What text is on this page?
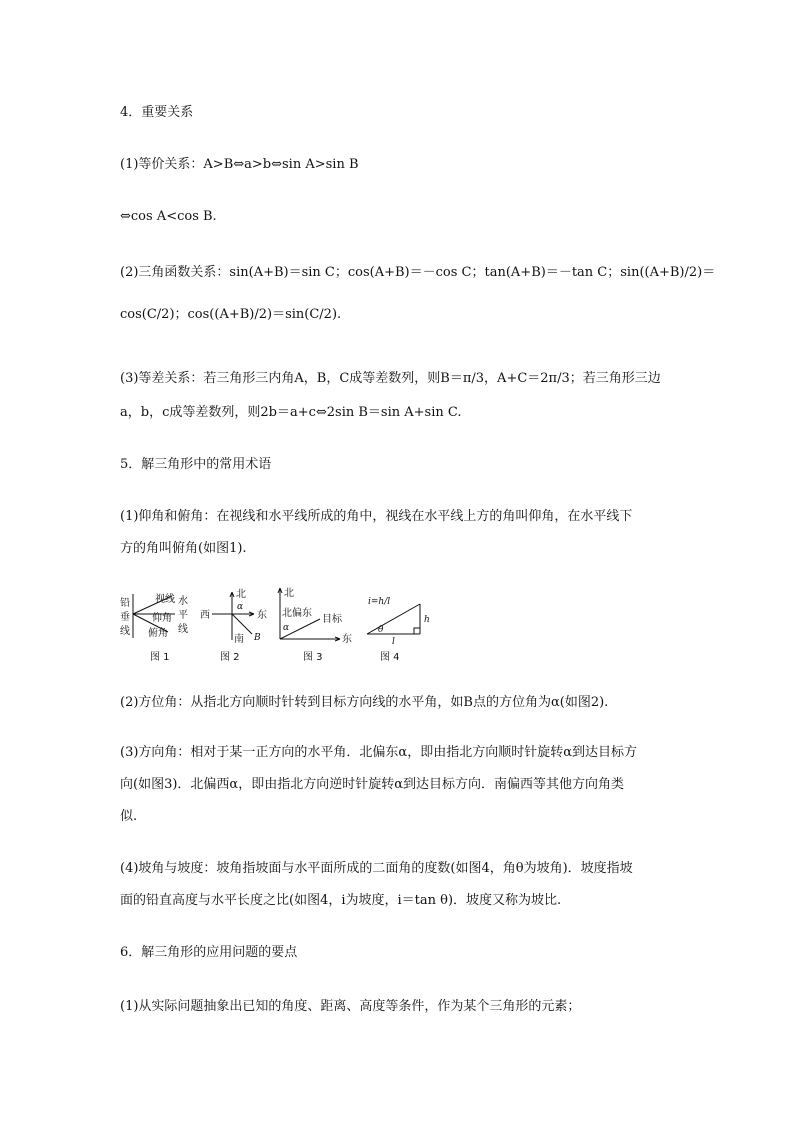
4．重要关系
(1)等价关系：A>B⇔a>b⇔sin A>sin B
⇔cos A<cos B.
(2)三角函数关系：sin(A+B)＝sin C；cos(A+B)＝－cos C；tan(A+B)＝－tan C；sin((A+B)/2)＝
cos(C/2)；cos((A+B)/2)＝sin(C/2).
(3)等差关系：若三角形三内角A，B，C成等差数列，则B＝π/3，A+C＝2π/3；若三角形三边
a，b，c成等差数列，则2b＝a+c⇔2sin B＝sin A+sin C.
5．解三角形中的常用术语
(1)仰角和俯角：在视线和水平线所成的角中，视线在水平线上方的角叫仰角，在水平线下
方的角叫俯角(如图1).
铅
垂
线
视线 水
平
线
仰角
俯角
图 1
北
西	东
南
α
B
图 2
北
北偏东
目标
东
α
图 3
i=h/l
h
l
θ
图 4
(2)方位角：从指北方向顺时针转到目标方向线的水平角，如B点的方位角为α(如图2).
(3)方向角：相对于某一正方向的水平角．北偏东α，即由指北方向顺时针旋转α到达目标方
向(如图3)．北偏西α，即由指北方向逆时针旋转α到达目标方向．南偏西等其他方向角类
似.
(4)坡角与坡度：坡角指坡面与水平面所成的二面角的度数(如图4，角θ为坡角)．坡度指坡
面的铅直高度与水平长度之比(如图4，i为坡度，i＝tan θ)．坡度又称为坡比.
6．解三角形的应用问题的要点
(1)从实际问题抽象出已知的角度、距离、高度等条件，作为某个三角形的元素；
